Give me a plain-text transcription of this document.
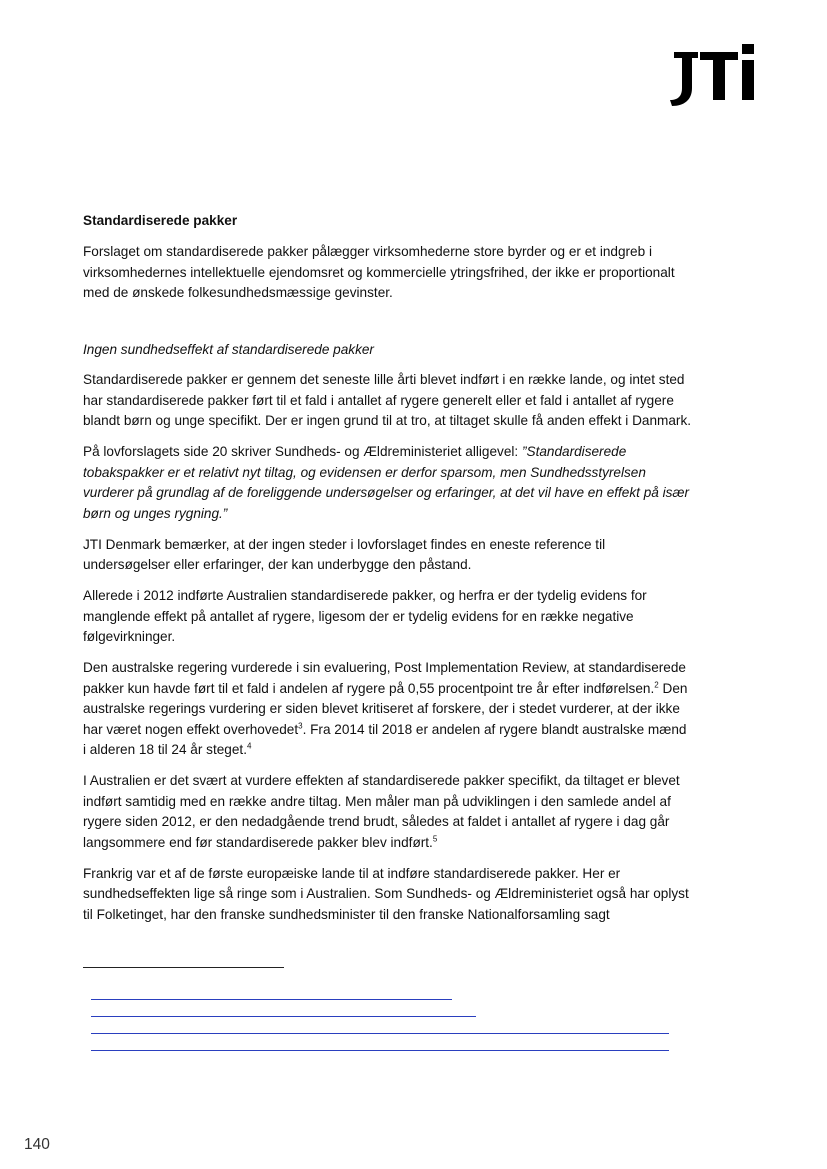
Standardiserede pakker

Forslaget om standardiserede pakker pålægger virksomhederne store byrder og er et indgreb i virksomhedernes intellektuelle ejendomsret og kommercielle ytringsfrihed, der ikke er proportionalt med de ønskede folkesundhedsmæssige gevinster.

Ingen sundhedseffekt af standardiserede pakker

Standardiserede pakker er gennem det seneste lille årti blevet indført i en række lande, og intet sted har standardiserede pakker ført til et fald i antallet af rygere generelt eller et fald i antallet af rygere blandt børn og unge specifikt. Der er ingen grund til at tro, at tiltaget skulle få anden effekt i Danmark.

På lovforslagets side 20 skriver Sundheds- og Ældreministeriet alligevel: ”Standardiserede tobakspakker er et relativt nyt tiltag, og evidensen er derfor sparsom, men Sundhedsstyrelsen vurderer på grundlag af de foreliggende undersøgelser og erfaringer, at det vil have en effekt på især børn og unges rygning.”

JTI Denmark bemærker, at der ingen steder i lovforslaget findes en eneste reference til undersøgelser eller erfaringer, der kan underbygge den påstand.

Allerede i 2012 indførte Australien standardiserede pakker, og herfra er der tydelig evidens for manglende effekt på antallet af rygere, ligesom der er tydelig evidens for en række negative følgevirkninger.

Den australske regering vurderede i sin evaluering, Post Implementation Review, at standardiserede pakker kun havde ført til et fald i andelen af rygere på 0,55 procentpoint tre år efter indførelsen.$^2$ Den australske regerings vurdering er siden blevet kritiseret af forskere, der i stedet vurderer, at der ikke har været nogen effekt overhovedet$^3$. Fra 2014 til 2018 er andelen af rygere blandt australske mænd i alderen 18 til 24 år steget.$^4$

I Australien er det svært at vurdere effekten af standardiserede pakker specifikt, da tiltaget er blevet indført samtidig med en række andre tiltag. Men måler man på udviklingen i den samlede andel af rygere siden 2012, er den nedadgående trend brudt, således at faldet i antallet af rygere i dag går langsommere end før standardiserede pakker blev indført.$^5$

Frankrig var et af de første europæiske lande til at indføre standardiserede pakker. Her er sundhedseffekten lige så ringe som i Australien. Som Sundheds- og Ældreministeriet også har oplyst til Folketinget, har den franske sundhedsminister til den franske Nationalforsamling sagt

140
